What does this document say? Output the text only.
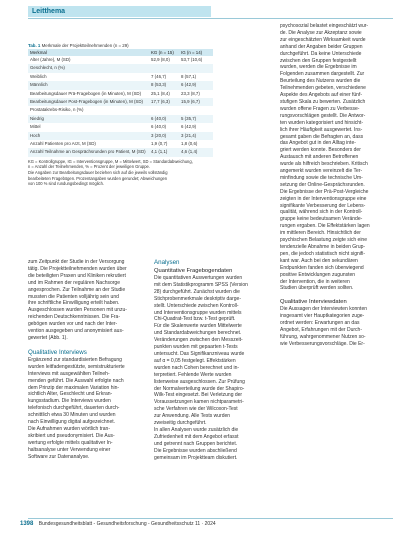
Leitthema
Tab. 1 Merkmale der Projektteilnehmenden (n = 29)
Merkmal	KG (n = 15)	IG (n = 14)
Alter (Jahre), M (SD)	52,9 (8,0)	53,7 (10,6)
Geschlecht, n (%)
Weiblich	7 (46,7)	8 (57,1)
Männlich	8 (53,3)	6 (42,9)
Bearbeitungsdauer Prä-Fragebogen (in Minuten), M (SD)	25,1 (8,4)	23,3 (8,7)
Bearbeitungsdauer Post-Fragebogen (in Minuten), M (SD)	17,7 (6,3)	15,9 (6,7)
Prostatakrebs-Risiko, n (%)
Niedrig	6 (40,0)	5 (35,7)
Mittel	6 (40,0)	6 (42,9)
Hoch	3 (20,0)	3 (21,4)
Anzahl Patienten pro Arzt, M (SD)	1,9 (0,7)	1,8 (0,6)
Anzahl Teilnahme an Gesprächsrunden pro Patient, M (SD)	4,1 (1,1)	4,6 (1,4)

KG = Kontrollgruppe, IG = Interventionsgruppe, M = Mittelwert, SD = Standardabweichung,

n = Anzahl der Teilnehmenden, % = Prozent der jeweiligen Gruppe.

Die Angaben zur Bearbeitungsdauer beziehen sich auf die jeweils vollständig

bearbeiteten Fragebögen. Prozentangaben wurden gerundet; Abweichungen

von 100 % sind rundungsbedingt möglich.

zum Zeitpunkt der Studie in der Versorgung

tätig. Die Projektteilnehmenden wurden über

die beteiligten Praxen und Kliniken rekrutiert

und im Rahmen der regulären Nachsorge

angesprochen. Zur Teilnahme an der Studie

mussten die Patienten volljährig sein und

ihre schriftliche Einwilligung erteilt haben.

Ausgeschlossen wurden Personen mit unzu-

reichenden Deutschkenntnissen. Die Fra-

gebögen wurden vor und nach der Inter-

vention ausgegeben und anonymisiert aus-

gewertet (Abb. 1).

Qualitative Interviews

Ergänzend zur standardisierten Befragung

wurden leitfadengestützte, semistrukturierte

Interviews mit ausgewählten Teilneh-

menden geführt. Die Auswahl erfolgte nach

dem Prinzip der maximalen Variation hin-

sichtlich Alter, Geschlecht und Erkran-

kungsstadium. Die Interviews wurden

telefonisch durchgeführt, dauerten durch-

schnittlich etwa 30 Minuten und wurden

nach Einwilligung digital aufgezeichnet.

Die Aufnahmen wurden wörtlich tran-

skribiert und pseudonymisiert. Die Aus-

wertung erfolgte mittels qualitativer In-

haltsanalyse unter Verwendung einer

Software zur Datenanalyse.

Analysen

Quantitative Fragebogendaten

Die quantitativen Auswertungen wurden

mit dem Statistikprogramm SPSS (Version

28) durchgeführt. Zunächst wurden die

Stichprobenmerkmale deskriptiv darge-

stellt. Unterschiede zwischen Kontroll-

und Interventionsgruppe wurden mittels

Chi-Quadrat-Test bzw. t-Test geprüft.

Für die Skalenwerte wurden Mittelwerte

und Standardabweichungen berechnet.

Veränderungen zwischen den Messzeit-

punkten wurden mit gepaarten t-Tests

untersucht. Das Signifikanzniveau wurde

auf α = 0,05 festgelegt. Effektstärken

wurden nach Cohen berechnet und in-

terpretiert. Fehlende Werte wurden

listenweise ausgeschlossen. Zur Prüfung

der Normalverteilung wurde der Shapiro-

Wilk-Test eingesetzt. Bei Verletzung der

Voraussetzungen kamen nichtparametri-

sche Verfahren wie der Wilcoxon-Test

zur Anwendung. Alle Tests wurden

zweiseitig durchgeführt.

In allen Analysen wurde zusätzlich die

Zufriedenheit mit dem Angebot erfasst

und getrennt nach Gruppen berichtet.

Die Ergebnisse wurden abschließend

gemeinsam im Projektteam diskutiert.

psychosozial belastet eingeschätzt wur-

de. Die Analyse zur Akzeptanz sowie

zur eingeschätzten Wirksamkeit wurde

anhand der Angaben beider Gruppen

durchgeführt. Da keine Unterschiede

zwischen den Gruppen festgestellt

wurden, werden die Ergebnisse im

Folgenden zusammen dargestellt. Zur

Beurteilung des Nutzens wurden die

Teilnehmenden gebeten, verschiedene

Aspekte des Angebots auf einer fünf-

stufigen Skala zu bewerten. Zusätzlich

wurden offene Fragen zu Verbesse-

rungsvorschlägen gestellt. Die Antwor-

ten wurden kategorisiert und hinsicht-

lich ihrer Häufigkeit ausgewertet. Ins-

gesamt gaben die Befragten an, dass

das Angebot gut in den Alltag inte-

griert werden konnte. Besonders der

Austausch mit anderen Betroffenen

wurde als hilfreich beschrieben. Kritisch

angemerkt wurden vereinzelt die Ter-

minfindung sowie die technische Um-

setzung der Online-Gesprächsrunden.

Die Ergebnisse der Prä-Post-Vergleiche

zeigten in der Interventionsgruppe eine

signifikante Verbesserung der Lebens-

qualität, während sich in der Kontroll-

gruppe keine bedeutsamen Verände-

rungen ergaben. Die Effektstärken lagen

im mittleren Bereich. Hinsichtlich der

psychischen Belastung zeigte sich eine

tendenzielle Abnahme in beiden Grup-

pen, die jedoch statistisch nicht signifi-

kant war. Auch bei den sekundären

Endpunkten fanden sich überwiegend

positive Entwicklungen zugunsten

der Intervention, die in weiteren

Studien überprüft werden sollten.

Qualitative Interviewdaten

Die Aussagen der Interviewten konnten

insgesamt vier Hauptkategorien zuge-

ordnet werden: Erwartungen an das

Angebot, Erfahrungen mit der Durch-

führung, wahrgenommener Nutzen so-

wie Verbesserungsvorschläge. Die Er-

1398 Bundesgesundheitsblatt - Gesundheitsforschung - Gesundheitsschutz 11 · 2024
